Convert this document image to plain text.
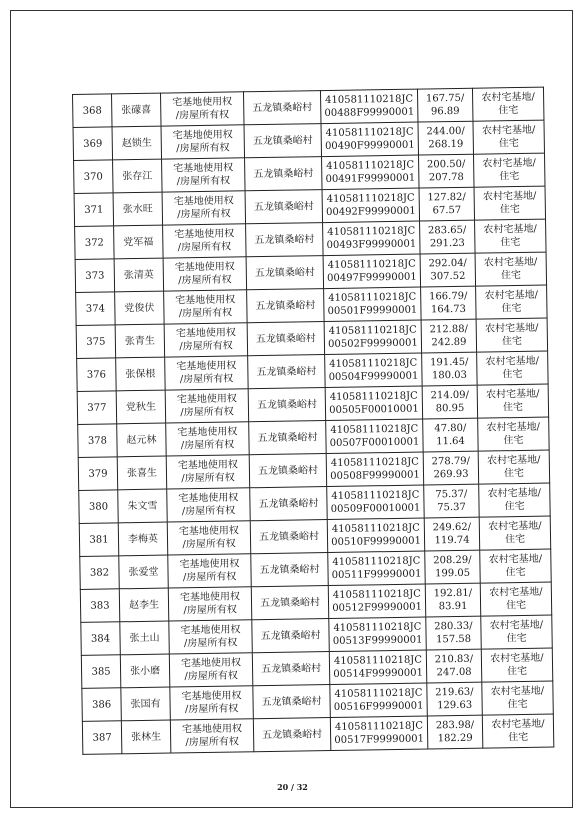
368	张礞喜	宅基地使用权
/房屋所有权	五龙镇桑峪村	410581110218JC
00488F99990001	167.75/
96.89	农村宅基地/
住宅
369	赵锁生	宅基地使用权
/房屋所有权	五龙镇桑峪村	410581110218JC
00490F99990001	244.00/
268.19	农村宅基地/
住宅
370	张存江	宅基地使用权
/房屋所有权	五龙镇桑峪村	410581110218JC
00491F99990001	200.50/
207.78	农村宅基地/
住宅
371	张水旺	宅基地使用权
/房屋所有权	五龙镇桑峪村	410581110218JC
00492F99990001	127.82/
67.57	农村宅基地/
住宅
372	党军福	宅基地使用权
/房屋所有权	五龙镇桑峪村	410581110218JC
00493F99990001	283.65/
291.23	农村宅基地/
住宅
373	张清英	宅基地使用权
/房屋所有权	五龙镇桑峪村	410581110218JC
00497F99990001	292.04/
307.52	农村宅基地/
住宅
374	党俊伏	宅基地使用权
/房屋所有权	五龙镇桑峪村	410581110218JC
00501F99990001	166.79/
164.73	农村宅基地/
住宅
375	张青生	宅基地使用权
/房屋所有权	五龙镇桑峪村	410581110218JC
00502F99990001	212.88/
242.89	农村宅基地/
住宅
376	张保根	宅基地使用权
/房屋所有权	五龙镇桑峪村	410581110218JC
00504F99990001	191.45/
180.03	农村宅基地/
住宅
377	党秋生	宅基地使用权
/房屋所有权	五龙镇桑峪村	410581110218JC
00505F00010001	214.09/
80.95	农村宅基地/
住宅
378	赵元林	宅基地使用权
/房屋所有权	五龙镇桑峪村	410581110218JC
00507F00010001	47.80/
11.64	农村宅基地/
住宅
379	张喜生	宅基地使用权
/房屋所有权	五龙镇桑峪村	410581110218JC
00508F99990001	278.79/
269.93	农村宅基地/
住宅
380	朱文雪	宅基地使用权
/房屋所有权	五龙镇桑峪村	410581110218JC
00509F00010001	75.37/
75.37	农村宅基地/
住宅
381	李梅英	宅基地使用权
/房屋所有权	五龙镇桑峪村	410581110218JC
00510F99990001	249.62/
119.74	农村宅基地/
住宅
382	张爱堂	宅基地使用权
/房屋所有权	五龙镇桑峪村	410581110218JC
00511F99990001	208.29/
199.05	农村宅基地/
住宅
383	赵李生	宅基地使用权
/房屋所有权	五龙镇桑峪村	410581110218JC
00512F99990001	192.81/
83.91	农村宅基地/
住宅
384	张土山	宅基地使用权
/房屋所有权	五龙镇桑峪村	410581110218JC
00513F99990001	280.33/
157.58	农村宅基地/
住宅
385	张小磨	宅基地使用权
/房屋所有权	五龙镇桑峪村	410581110218JC
00514F99990001	210.83/
247.08	农村宅基地/
住宅
386	张国有	宅基地使用权
/房屋所有权	五龙镇桑峪村	410581110218JC
00516F99990001	219.63/
129.63	农村宅基地/
住宅
387	张林生	宅基地使用权
/房屋所有权	五龙镇桑峪村	410581110218JC
00517F99990001	283.98/
182.29	农村宅基地/
住宅
20 / 32
